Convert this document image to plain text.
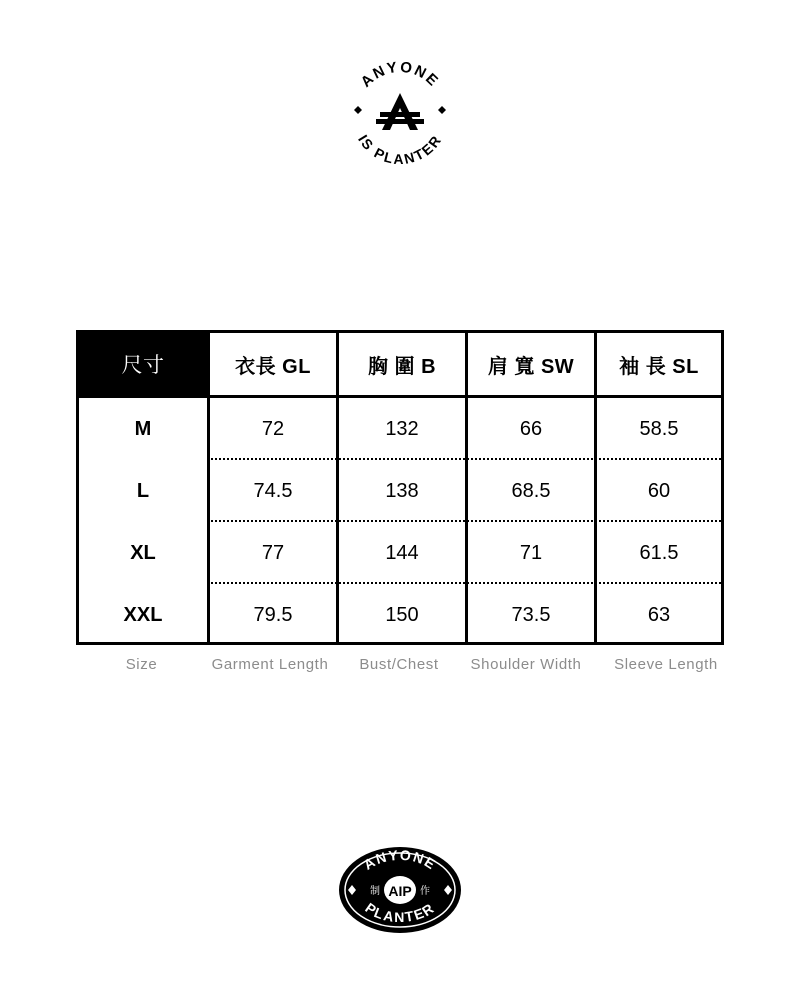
ANYONE
IS PLANTER
尺寸	衣長 GL	胸 圍 B	肩 寬 SW	袖 長 SL
M	72	132	66	58.5
L	74.5	138	68.5	60
XL	77	144	71	61.5
XXL	79.5	150	73.5	63
Size	Garment Length	Bust/Chest	Shoulder Width	Sleeve Length
ANYONE
PLANTER
AIP
制	作
